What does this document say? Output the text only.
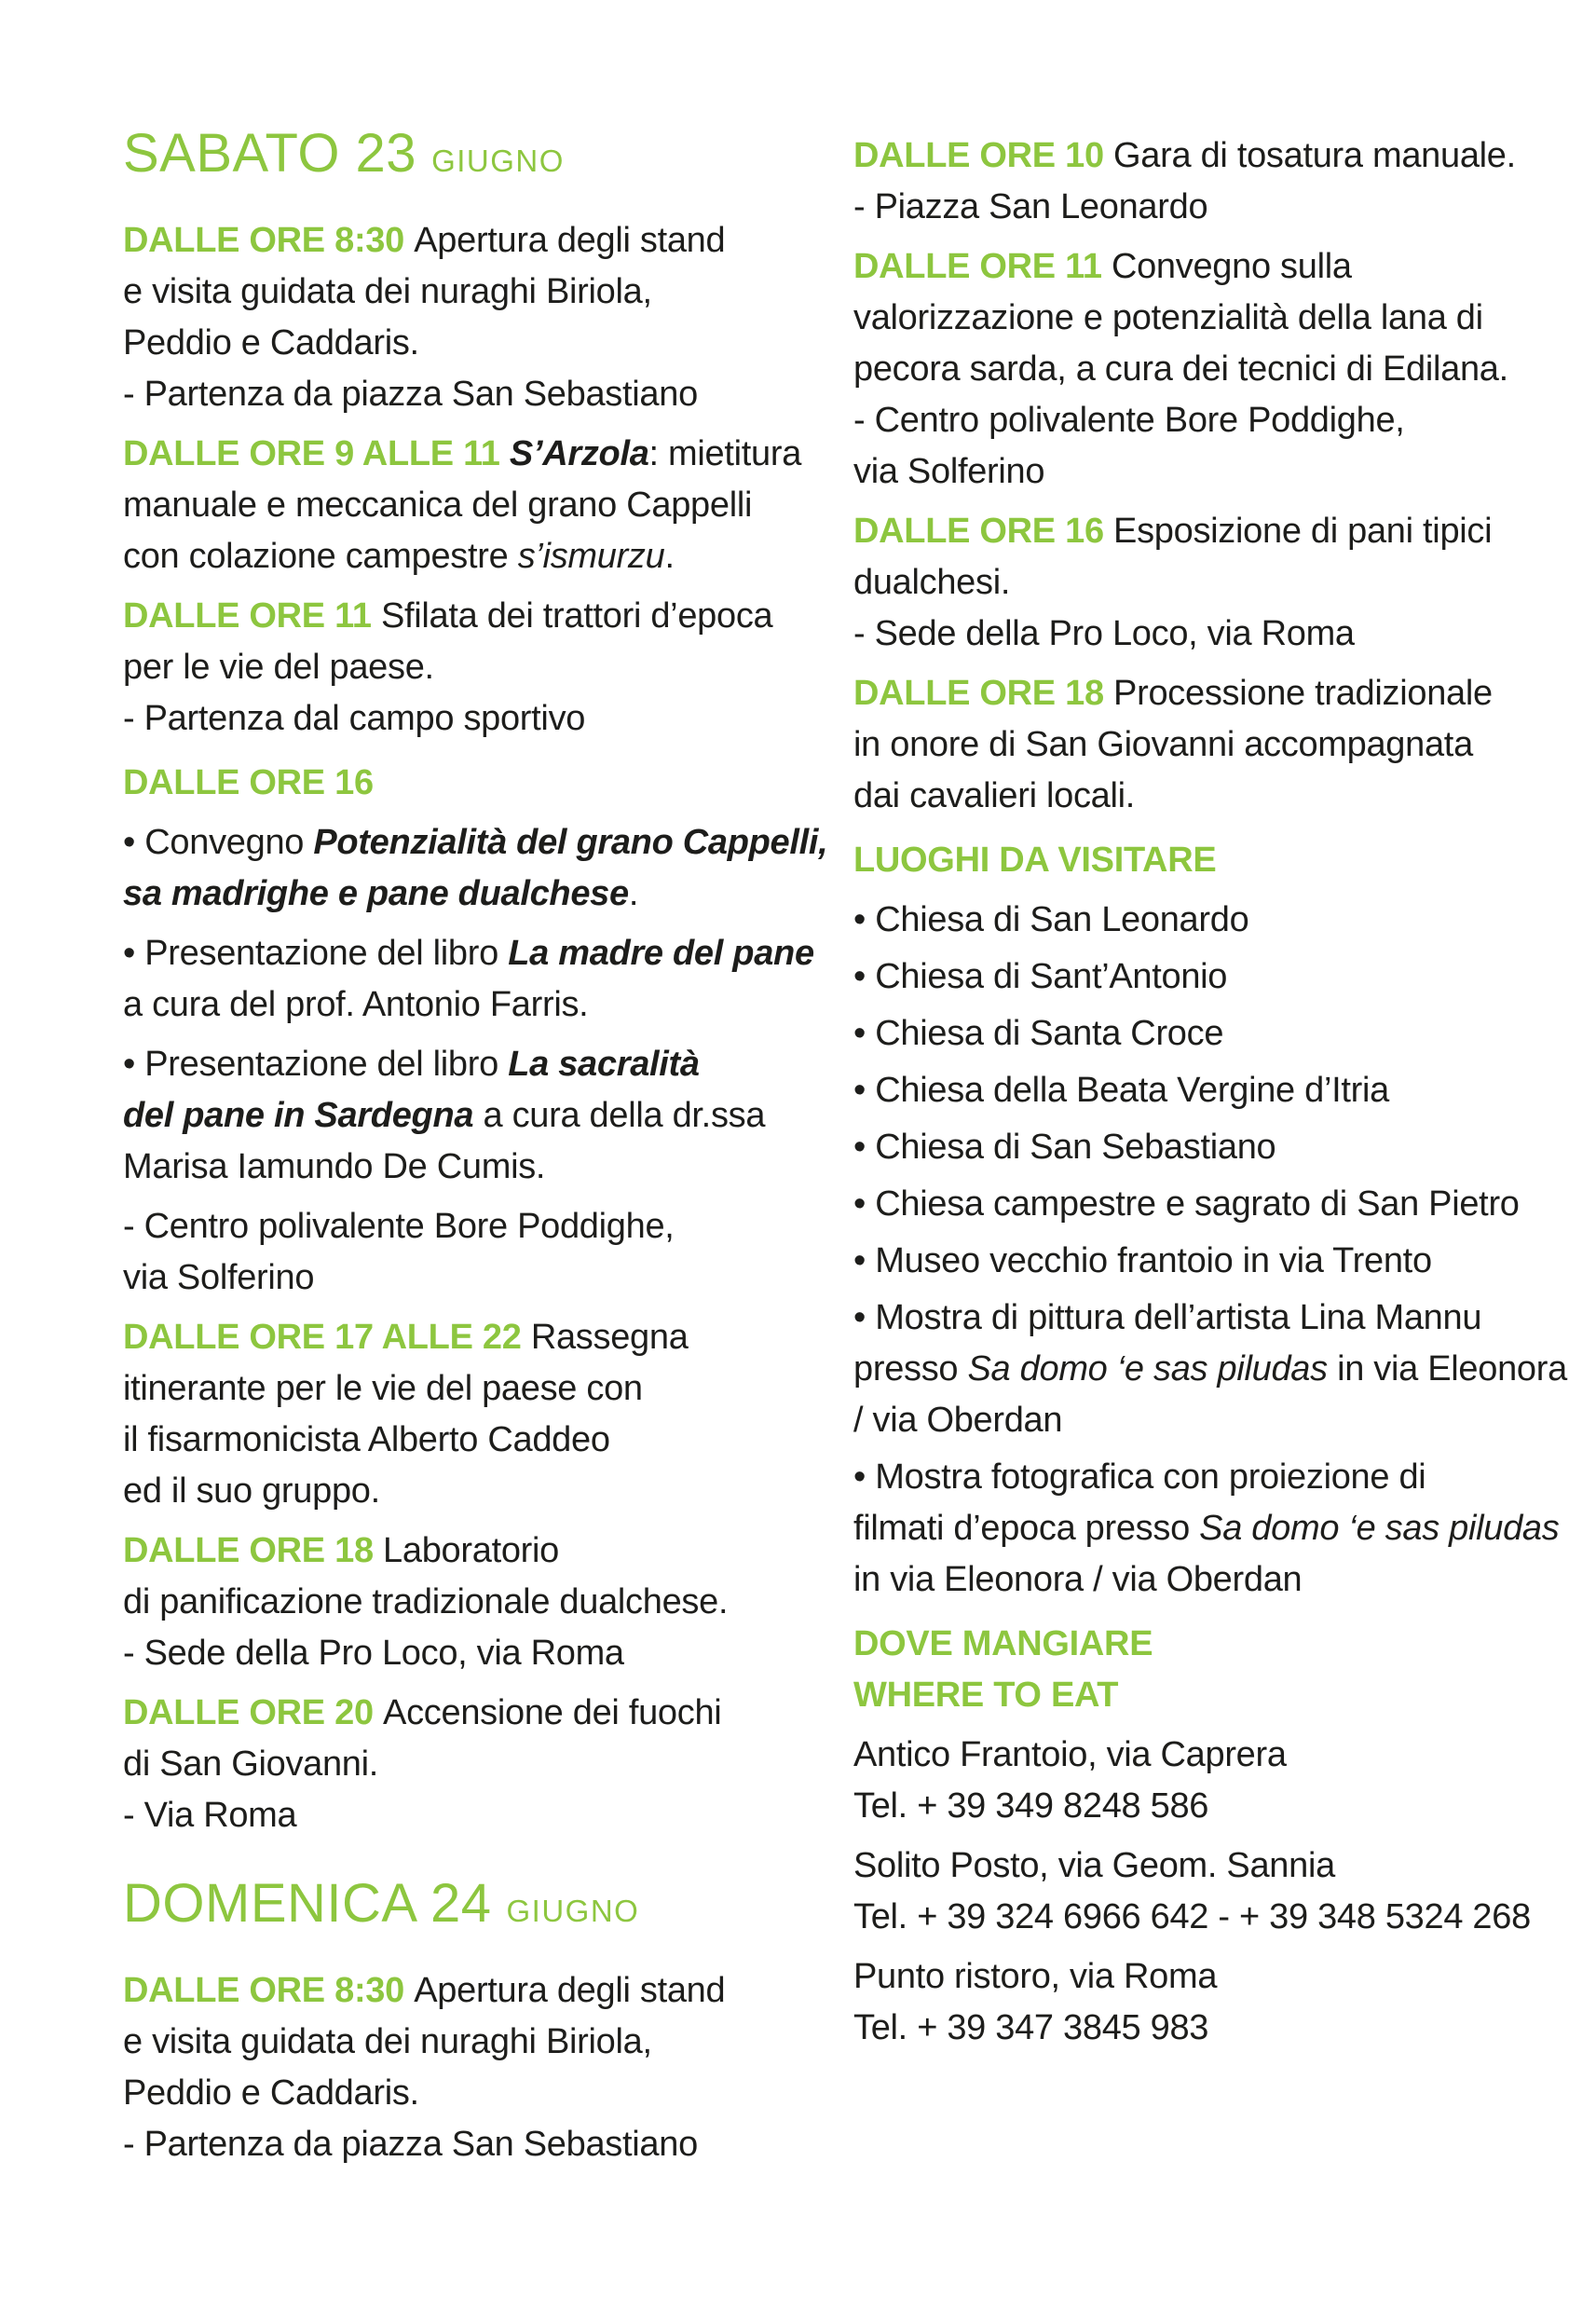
SABATO 23 GIUGNO
DALLE ORE 8:30 Apertura degli stand
e visita guidata dei nuraghi Biriola,
Peddio e Caddaris.
- Partenza da piazza San Sebastiano
DALLE ORE 9 ALLE 11 S’Arzola: mietitura
manuale e meccanica del grano Cappelli
con colazione campestre s’ismurzu.
DALLE ORE 11 Sfilata dei trattori d’epoca
per le vie del paese.
- Partenza dal campo sportivo
DALLE ORE 16
• Convegno Potenzialità del grano Cappelli,
sa madrighe e pane dualchese.
• Presentazione del libro La madre del pane
a cura del prof. Antonio Farris.
• Presentazione del libro La sacralità
del pane in Sardegna a cura della dr.ssa
Marisa Iamundo De Cumis.
- Centro polivalente Bore Poddighe,
via Solferino
DALLE ORE 17 ALLE 22 Rassegna
itinerante per le vie del paese con
il fisarmonicista Alberto Caddeo
ed il suo gruppo.
DALLE ORE 18 Laboratorio
di panificazione tradizionale dualchese.
- Sede della Pro Loco, via Roma
DALLE ORE 20 Accensione dei fuochi
di San Giovanni.
- Via Roma
DOMENICA 24 GIUGNO
DALLE ORE 8:30 Apertura degli stand
e visita guidata dei nuraghi Biriola,
Peddio e Caddaris.
- Partenza da piazza San Sebastiano
DALLE ORE 10 Gara di tosatura manuale.
- Piazza San Leonardo
DALLE ORE 11 Convegno sulla
valorizzazione e potenzialità della lana di
pecora sarda, a cura dei tecnici di Edilana.
- Centro polivalente Bore Poddighe,
via Solferino
DALLE ORE 16 Esposizione di pani tipici
dualchesi.
- Sede della Pro Loco, via Roma
DALLE ORE 18 Processione tradizionale
in onore di San Giovanni accompagnata
dai cavalieri locali.
LUOGHI DA VISITARE
• Chiesa di San Leonardo
• Chiesa di Sant’Antonio
• Chiesa di Santa Croce
• Chiesa della Beata Vergine d’Itria
• Chiesa di San Sebastiano
• Chiesa campestre e sagrato di San Pietro
• Museo vecchio frantoio in via Trento
• Mostra di pittura dell’artista Lina Mannu
presso Sa domo ‘e sas piludas in via Eleonora
/ via Oberdan
• Mostra fotografica con proiezione di
filmati d’epoca presso Sa domo ‘e sas piludas
in via Eleonora / via Oberdan
DOVE MANGIARE
WHERE TO EAT
Antico Frantoio, via Caprera
Tel. + 39 349 8248 586
Solito Posto, via Geom. Sannia
Tel. + 39 324 6966 642 - + 39 348 5324 268
Punto ristoro, via Roma
Tel. + 39 347 3845 983
